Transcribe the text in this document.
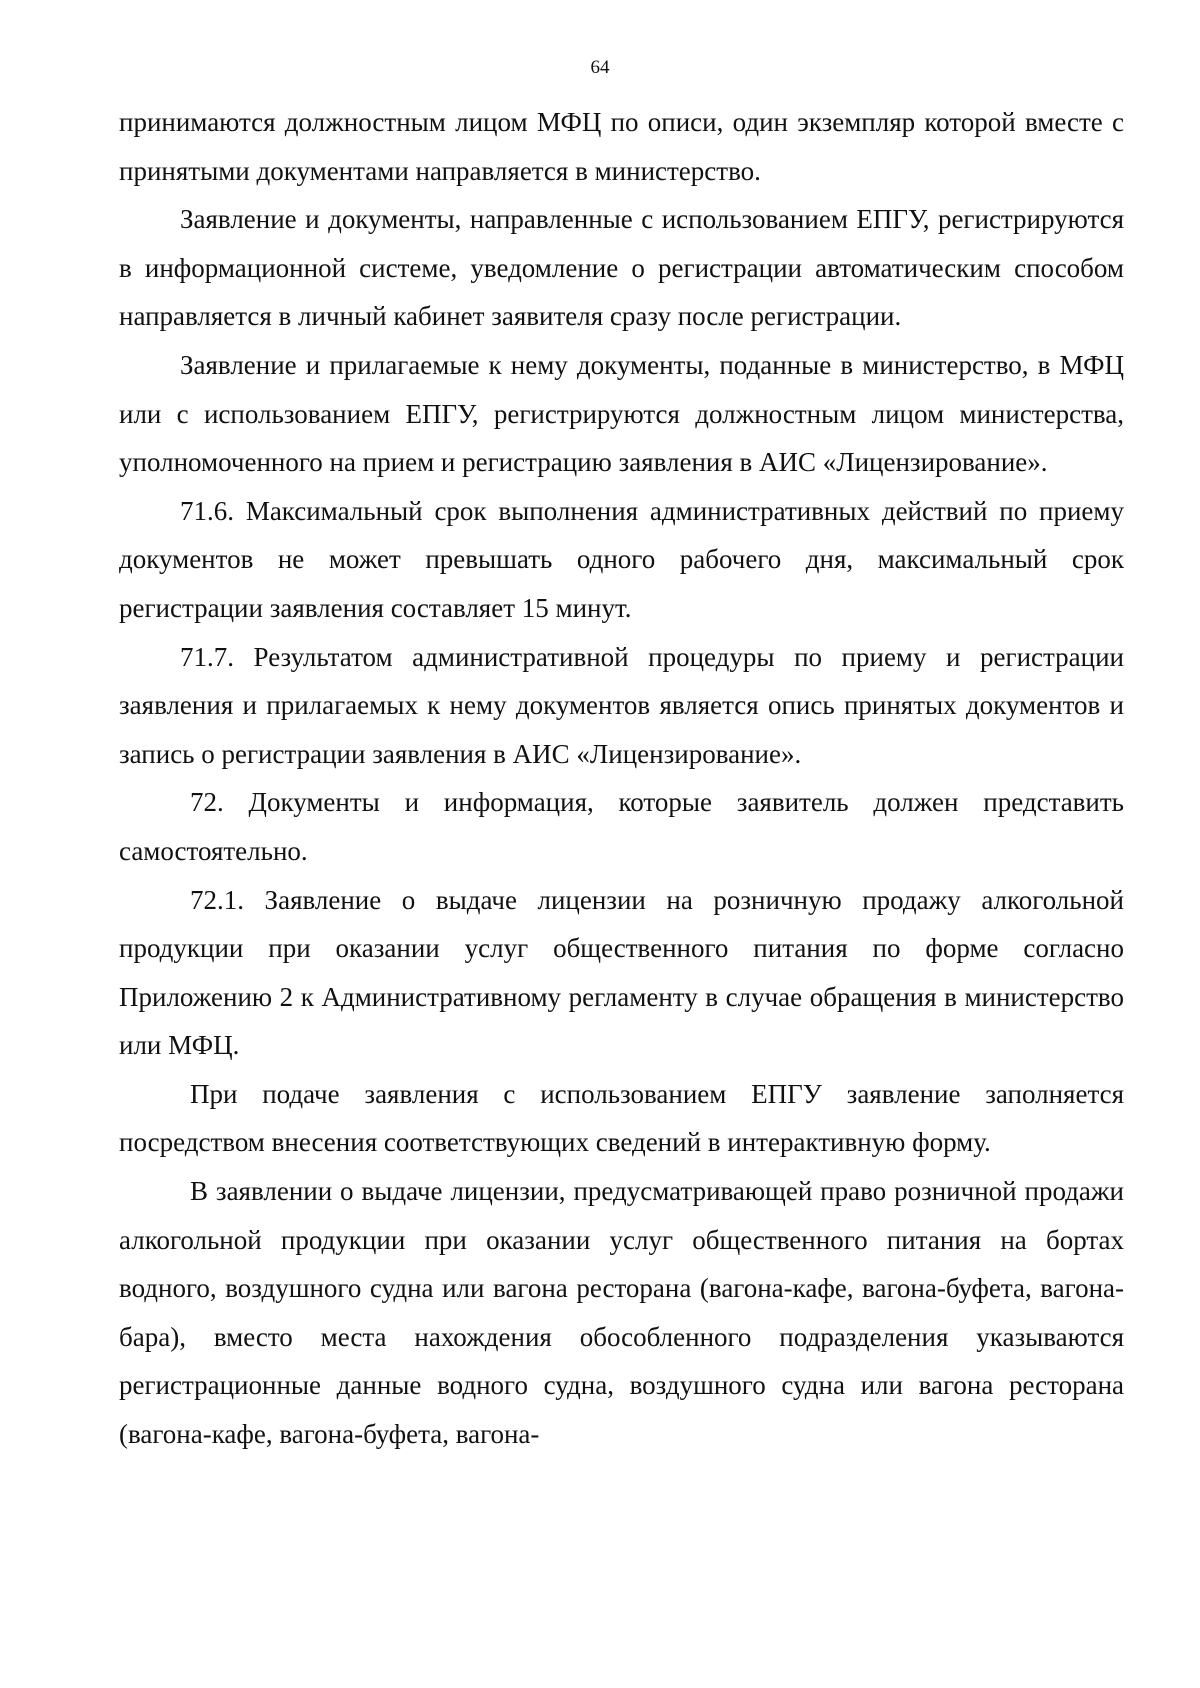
64

принимаются должностным лицом МФЦ по описи, один экземпляр которой вместе с принятыми документами направляется в министерство.

Заявление и документы, направленные с использованием ЕПГУ, регистрируются в информационной системе, уведомление о регистрации автоматическим способом направляется в личный кабинет заявителя сразу после регистрации.

Заявление и прилагаемые к нему документы, поданные в министерство, в МФЦ или с использованием ЕПГУ, регистрируются должностным лицом министерства, уполномоченного на прием и регистрацию заявления в АИС «Лицензирование».

71.6. Максимальный срок выполнения административных действий по приему документов не может превышать одного рабочего дня, максимальный срок регистрации заявления составляет 15 минут.

71.7. Результатом административной процедуры по приему и регистрации заявления и прилагаемых к нему документов является опись принятых документов и запись о регистрации заявления в АИС «Лицензирование».

72. Документы и информация, которые заявитель должен представить самостоятельно.

72.1. Заявление о выдаче лицензии на розничную продажу алкогольной продукции при оказании услуг общественного питания по форме согласно Приложению 2 к Административному регламенту в случае обращения в министерство или МФЦ.

При подаче заявления с использованием ЕПГУ заявление заполняется посредством внесения соответствующих сведений в интерактивную форму.

В заявлении о выдаче лицензии, предусматривающей право розничной продажи алкогольной продукции при оказании услуг общественного питания на бортах водного, воздушного судна или вагона ресторана (вагона-кафе, вагона-буфета, вагона-бара), вместо места нахождения обособленного подразделения указываются регистрационные данные водного судна, воздушного судна или вагона ресторана (вагона-кафе, вагона-буфета, вагона-
